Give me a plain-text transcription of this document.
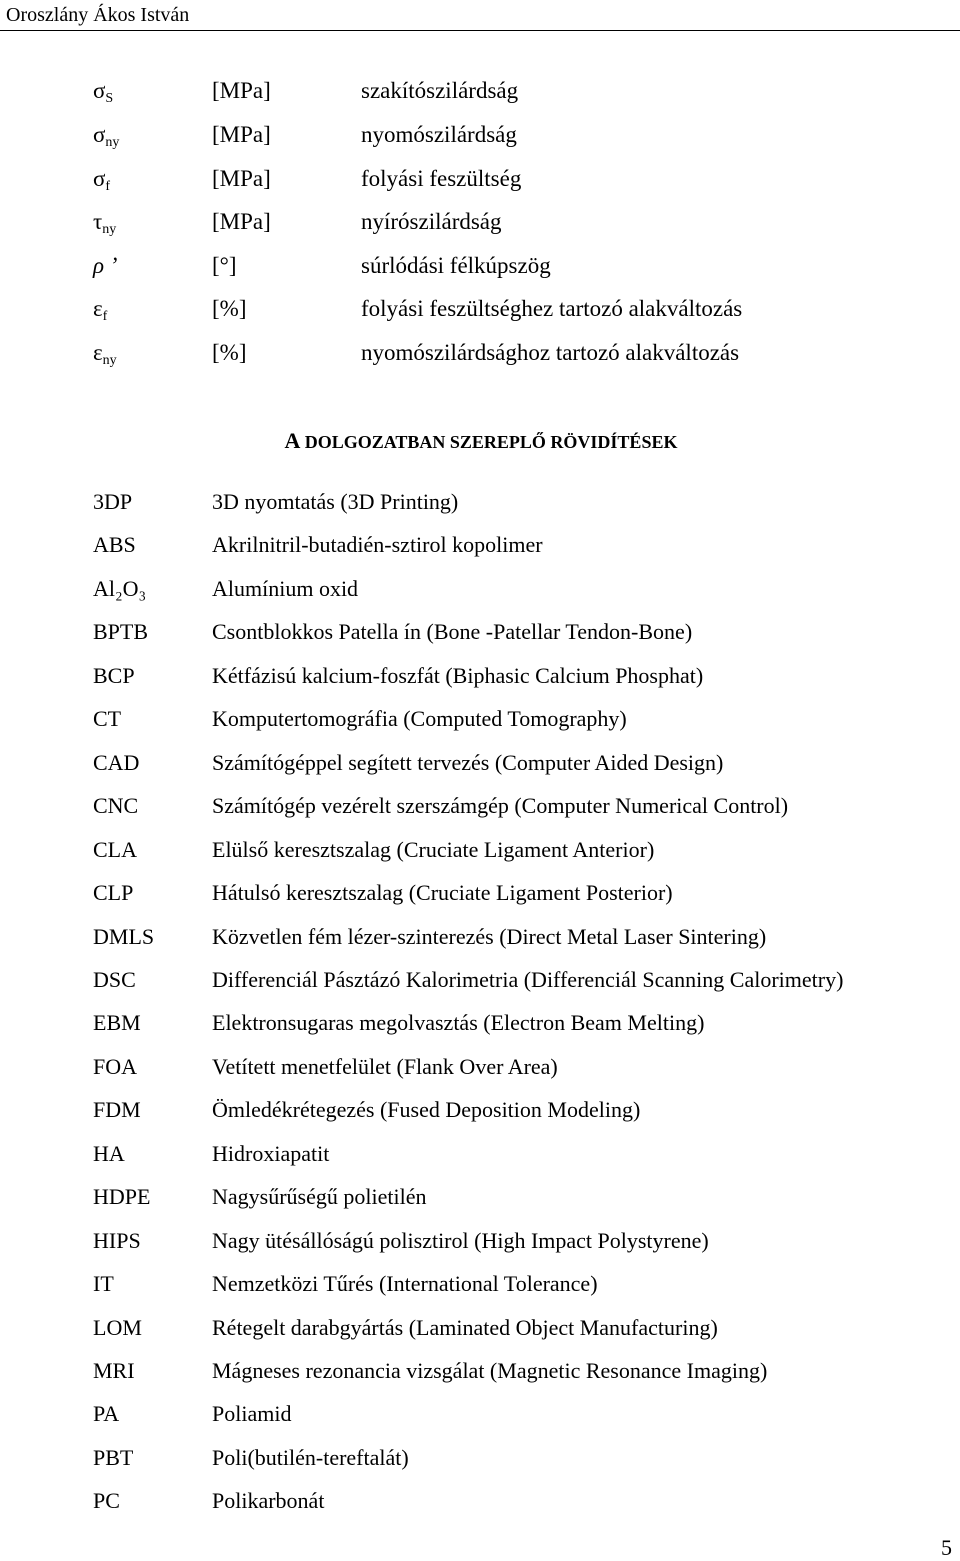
Oroszlány Ákos István
$\sigma_S$	[MPa]	szakítószilárdság
$\sigma_{ny}$	[MPa]	nyomószilárdság
$\sigma_f$	[MPa]	folyási feszültség
$\tau_{ny}$	[MPa]	nyírószilárdság
ρ ’	[°]	súrlódási félkúpszög
$\varepsilon_f$	[%]	folyási feszültséghez tartozó alakváltozás
$\varepsilon_{ny}$	[%]	nyomószilárdsághoz tartozó alakváltozás
A DOLGOZATBAN SZEREPLŐ RÖVIDÍTÉSEK
3DP	3D nyomtatás (3D Printing)
ABS	Akrilnitril-butadién-sztirol kopolimer
Al₂O₃	Alumínium oxid
BPTB	Csontblokkos Patella ín (Bone -Patellar Tendon-Bone)
BCP	Kétfázisú kalcium-foszfát (Biphasic Calcium Phosphat)
CT	Komputertomográfia (Computed Tomography)
CAD	Számítógéppel segített tervezés (Computer Aided Design)
CNC	Számítógép vezérelt szerszámgép (Computer Numerical Control)
CLA	Elülső keresztszalag (Cruciate Ligament Anterior)
CLP	Hátulsó keresztszalag (Cruciate Ligament Posterior)
DMLS	Közvetlen fém lézer-szinterezés (Direct Metal Laser Sintering)
DSC	Differenciál Pásztázó Kalorimetria (Differenciál Scanning Calorimetry)
EBM	Elektronsugaras megolvasztás (Electron Beam Melting)
FOA	Vetített menetfelület (Flank Over Area)
FDM	Ömledékrétegezés (Fused Deposition Modeling)
HA	Hidroxiapatit
HDPE	Nagysűrűségű polietilén
HIPS	Nagy ütésállóságú polisztirol (High Impact Polystyrene)
IT	Nemzetközi Tűrés (International Tolerance)
LOM	Rétegelt darabgyártás (Laminated Object Manufacturing)
MRI	Mágneses rezonancia vizsgálat (Magnetic Resonance Imaging)
PA	Poliamid
PBT	Poli(butilén-tereftalát)
PC	Polikarbonát
5
